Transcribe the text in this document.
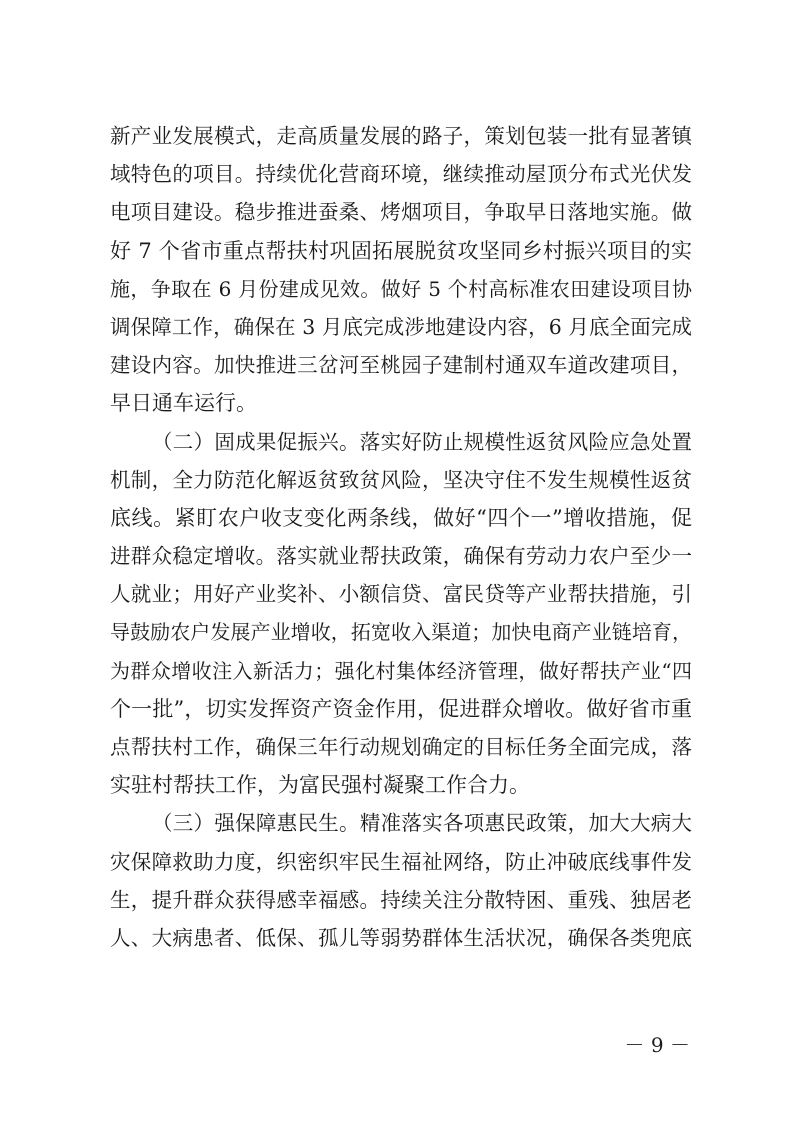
新产业发展模式，走高质量发展的路子，策划包装一批有显著镇
域特色的项目。持续优化营商环境，继续推动屋顶分布式光伏发
电项目建设。稳步推进蚕桑、烤烟项目，争取早日落地实施。做
好 7 个省市重点帮扶村巩固拓展脱贫攻坚同乡村振兴项目的实
施，争取在 6 月份建成见效。做好 5 个村高标准农田建设项目协
调保障工作，确保在 3 月底完成涉地建设内容，6 月底全面完成
建设内容。加快推进三岔河至桃园子建制村通双车道改建项目，
早日通车运行。
（二）固成果促振兴。落实好防止规模性返贫风险应急处置
机制，全力防范化解返贫致贫风险，坚决守住不发生规模性返贫
底线。紧盯农户收支变化两条线，做好“四个一”增收措施，促
进群众稳定增收。落实就业帮扶政策，确保有劳动力农户至少一
人就业；用好产业奖补、小额信贷、富民贷等产业帮扶措施，引
导鼓励农户发展产业增收，拓宽收入渠道；加快电商产业链培育，
为群众增收注入新活力；强化村集体经济管理，做好帮扶产业“四
个一批”，切实发挥资产资金作用，促进群众增收。做好省市重
点帮扶村工作，确保三年行动规划确定的目标任务全面完成，落
实驻村帮扶工作，为富民强村凝聚工作合力。
（三）强保障惠民生。精准落实各项惠民政策，加大大病大
灾保障救助力度，织密织牢民生福祉网络，防止冲破底线事件发
生，提升群众获得感幸福感。持续关注分散特困、重残、独居老
人、大病患者、低保、孤儿等弱势群体生活状况，确保各类兜底
－ 9 －
